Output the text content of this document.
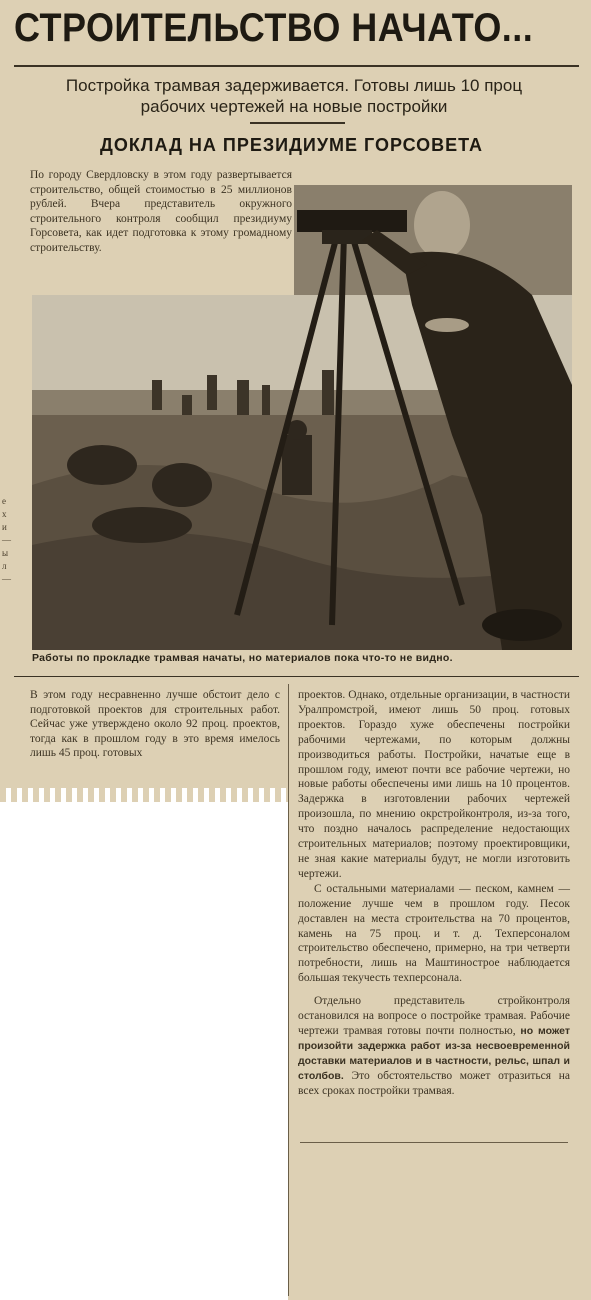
ехи—ыл—
СТРОИТЕЛЬСТВО НАЧАТО...
Постройка трамвая задерживается. Готовы лишь 10 проц
рабочих чертежей на новые постройки
ДОКЛАД НА ПРЕЗИДИУМЕ ГОРСОВЕТА
По городу Свердловску в этом году развертывается строительство, общей стоимостью в 25 миллионов рублей. Вчера представитель окружного строительного контроля сообщил президиуму Горсовета, как идет подготовка к этому громадному строительству.
Работы по прокладке трамвая начаты, но материалов пока что-то не видно.
В этом году несравненно лучше обстоит дело с подготовкой проектов для строительных работ. Сейчас уже утверждено около 92 проц. проектов, тогда как в прошлом году в это время имелось лишь 45 проц. готовых

проектов. Однако, отдельные организации, в частности Уралпромстрой, имеют лишь 50 проц. готовых проектов. Гораздо хуже обеспечены постройки рабочими чертежами, по которым должны производиться работы. Постройки, начатые еще в прошлом году, имеют почти все рабочие чертежи, но новые работы обеспечены ими лишь на 10 процентов. Задержка в изготовлении рабочих чертежей произошла, по мнению окрстройконтроля, из-за того, что поздно началось распределение недостающих строительных материалов; поэтому проектировщики, не зная какие материалы будут, не могли изготовить чертежи.

С остальными материалами — песком, камнем — положение лучше чем в прошлом году. Песок доставлен на места строительства на 70 процентов, камень на 75 проц. и т. д. Техперсоналом строительство обеспечено, примерно, на три четверти потребности, лишь на Маштинострое наблюдается большая текучесть техперсонала.

Отдельно представитель стройконтроля остановился на вопросе о постройке трамвая. Рабочие чертежи трамвая готовы почти полностью, но может произойти задержка работ из-за несвоевременной доставки материалов и в частности, рельс, шпал и столбов. Это обстоятельство может отразиться на всех сроках постройки трамвая.
